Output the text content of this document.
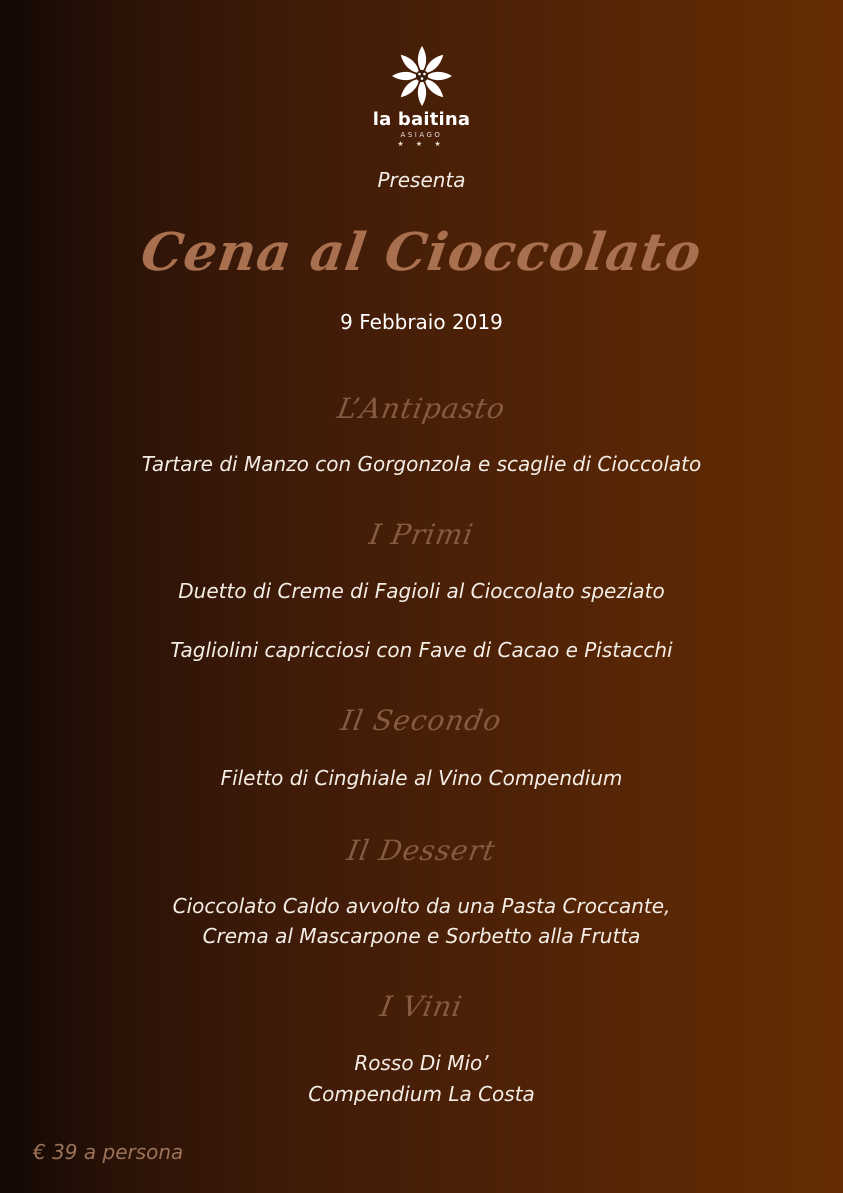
la baitina
ASIAGO
★ ★ ★
Presenta
Cena al Cioccolato
9 Febbraio 2019
L’Antipasto
Tartare di Manzo con Gorgonzola e scaglie di Cioccolato
I Primi
Duetto di Creme di Fagioli al Cioccolato speziato
Tagliolini capricciosi con Fave di Cacao e Pistacchi
Il Secondo
Filetto di Cinghiale al Vino Compendium
Il Dessert
Cioccolato Caldo avvolto da una Pasta Croccante,
Crema al Mascarpone e Sorbetto alla Frutta
I Vini
Rosso Di Mio’
Compendium La Costa
€ 39 a persona
